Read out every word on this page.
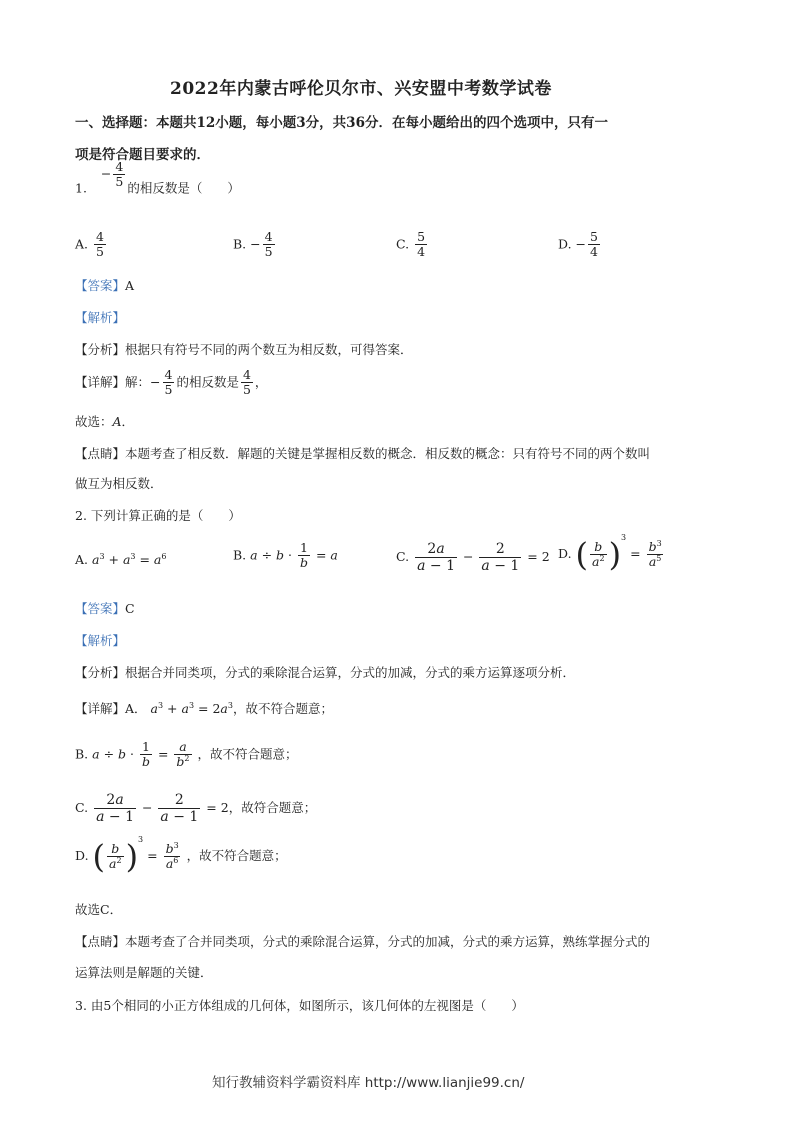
2022年内蒙古呼伦贝尔市、兴安盟中考数学试卷
一、选择题：本题共12小题，每小题3分，共36分．在每小题给出的四个选项中，只有一
项是符合题目要求的．
1. − $\frac{4}{5}$ 的相反数是（　　）
A. $\frac{4}{5}$	B. − $\frac{4}{5}$	C. $\frac{5}{4}$	D. − $\frac{5}{4}$
【答案】A
【解析】
【分析】根据只有符号不同的两个数互为相反数，可得答案．
【详解】解：− $\frac{4}{5}$ 的相反数是 $\frac{4}{5}$ ，
故选：A．
【点睛】本题考查了相反数．解题的关键是掌握相反数的概念．相反数的概念：只有符号不同的两个数叫
做互为相反数．
2. 下列计算正确的是（　　）
A. $a^3 + a^3 = a^6$	B. $a \div b \cdot \frac{1}{b} = a$	C. $\frac{2a}{a - 1} - \frac{2}{a - 1} = 2$ D. ( $\frac{b}{a^2} )^3 = \frac{b^3}{a^5}$
【答案】C
【解析】
【分析】根据合并同类项，分式的乘除混合运算，分式的加减，分式的乘方运算逐项分析．
【详解】A． $a^3 + a^3 = 2a^3$，故不符合题意；
B. $a \div b \cdot \frac{1}{b} = \frac{a}{b^2}$ ，故不符合题意；
C. $\frac{2a}{a - 1} - \frac{2}{a - 1} = 2$，故符合题意；
D. ( $\frac{b}{a^2} )^3 = \frac{b^3}{a^6}$ ，故不符合题意；
故选C．
【点睛】本题考查了合并同类项，分式的乘除混合运算，分式的加减，分式的乘方运算，熟练掌握分式的
运算法则是解题的关键．
3. 由5个相同的小正方体组成的几何体，如图所示，该几何体的左视图是（　　）
知行教辅资料学霸资料库 http://www.lianjie99.cn/
